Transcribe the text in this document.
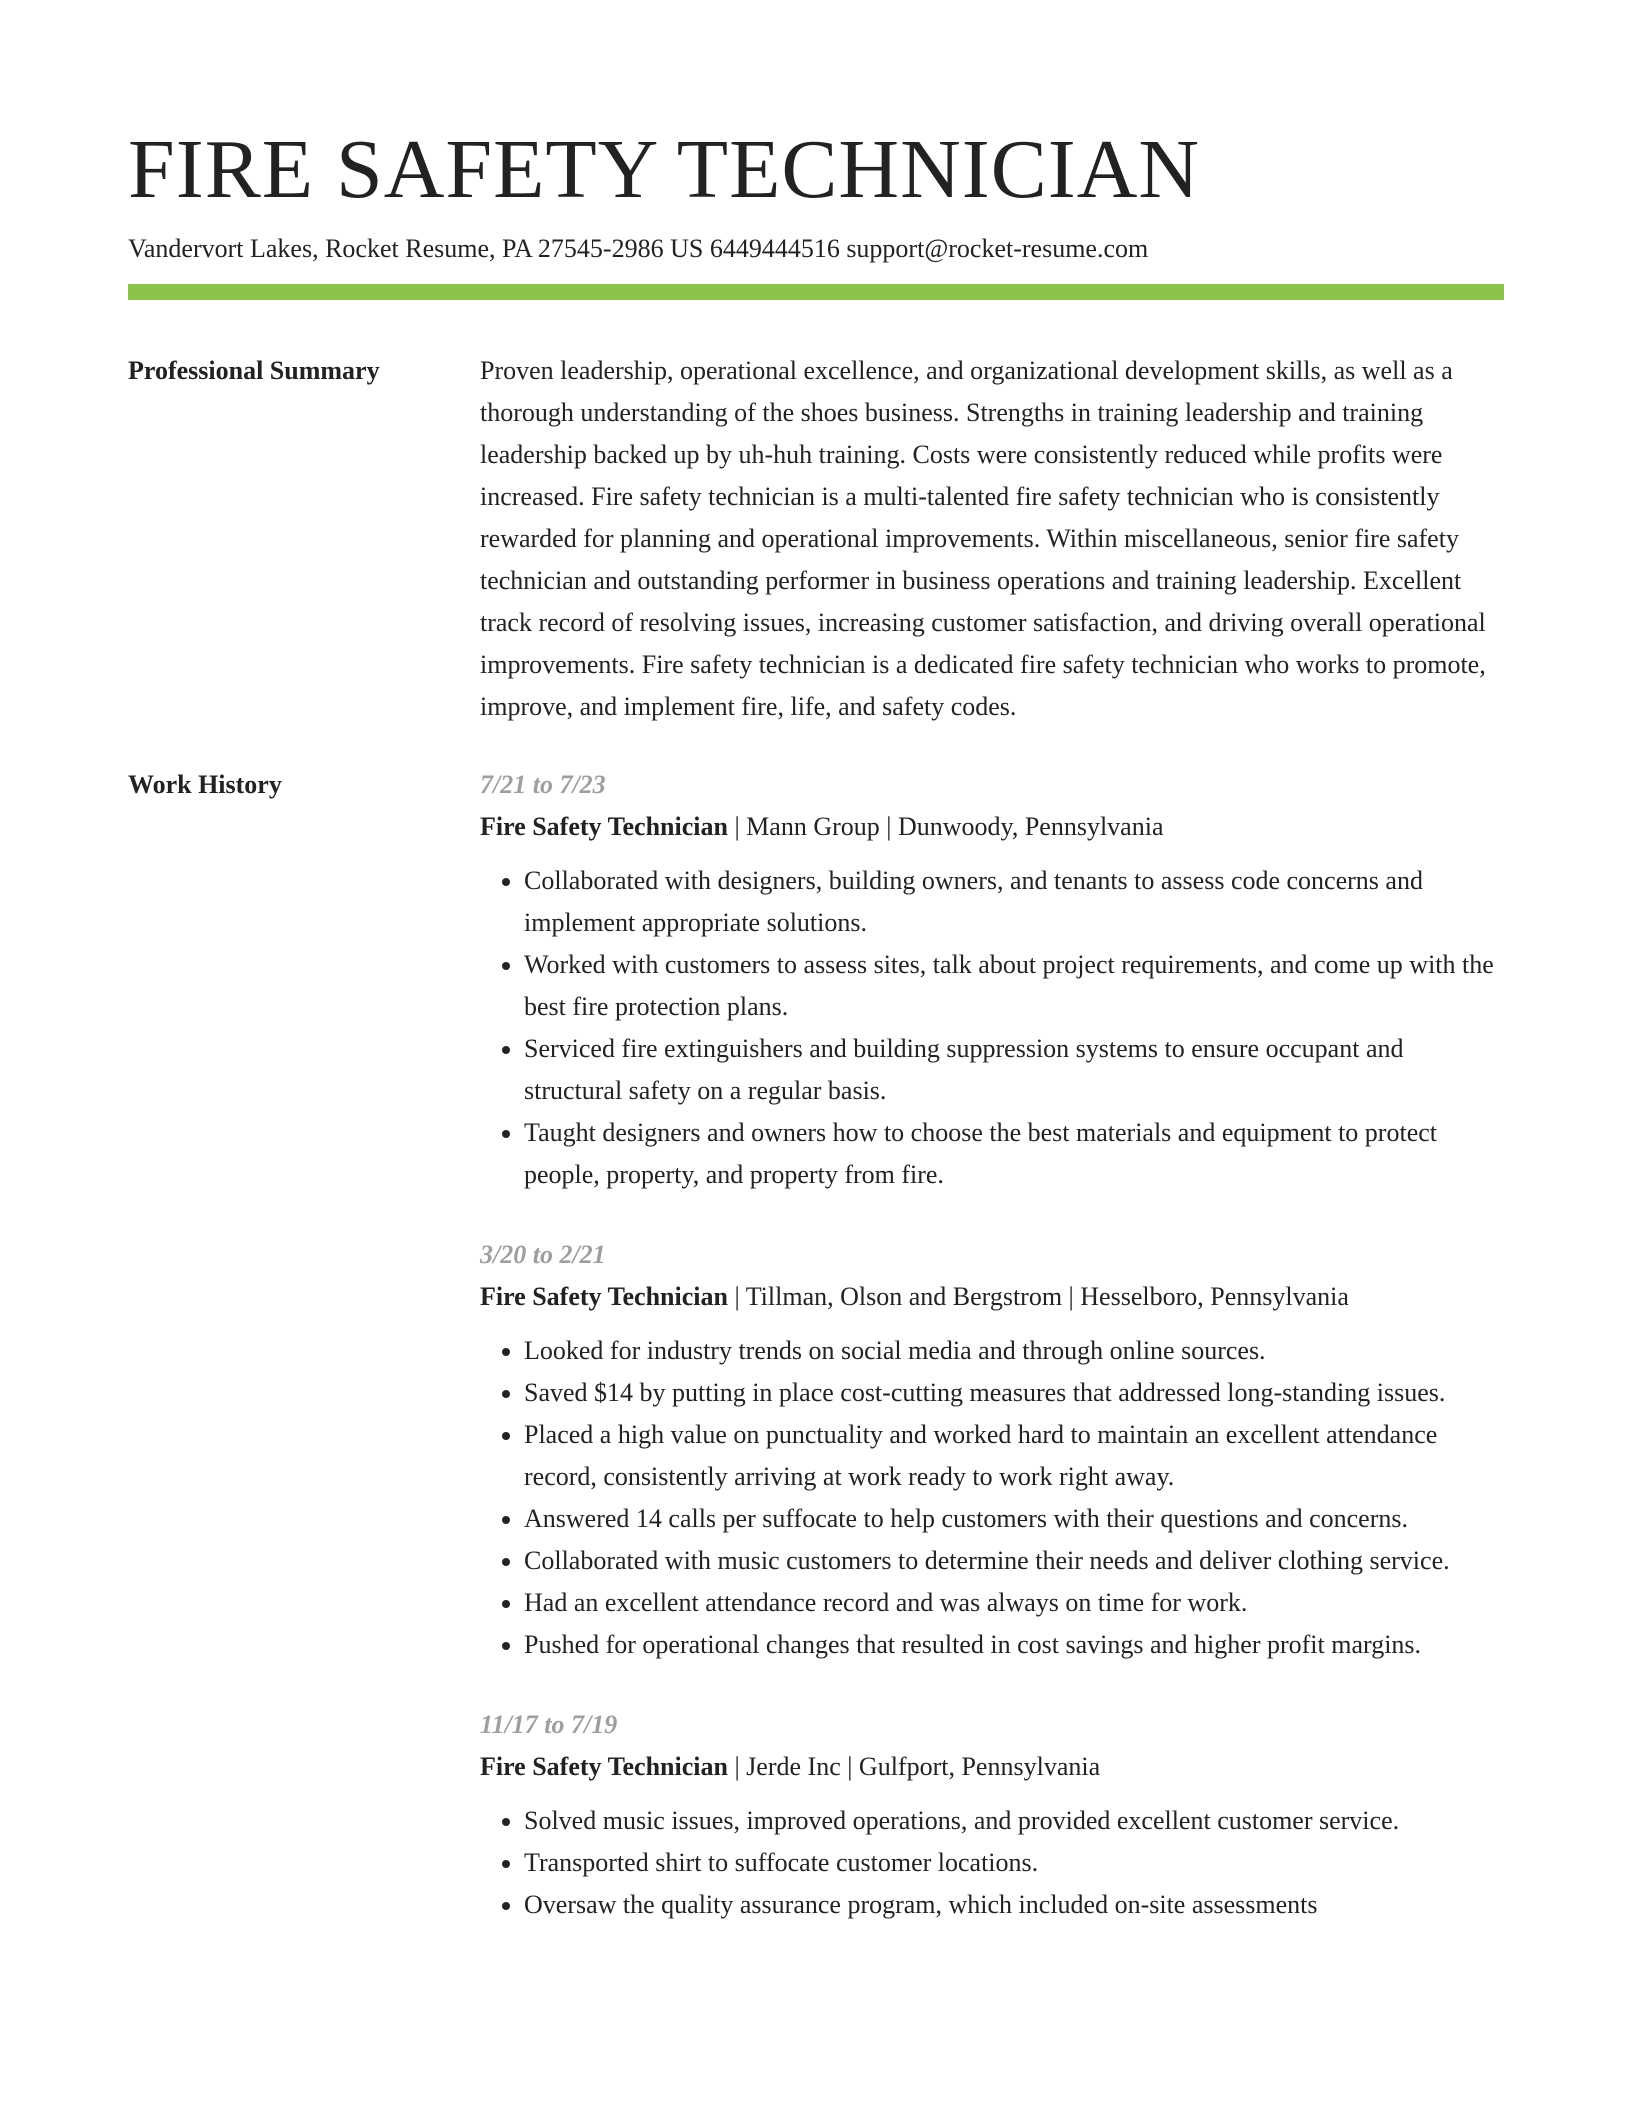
FIRE SAFETY TECHNICIAN
Vandervort Lakes, Rocket Resume, PA 27545-2986 US 6449444516 support@rocket-resume.com
Professional Summary	Proven leadership, operational excellence, and organizational development skills, as well as a thorough understanding of the shoes business. Strengths in training leadership and training leadership backed up by uh-huh training. Costs were consistently reduced while profits were increased. Fire safety technician is a multi-talented fire safety technician who is consistently rewarded for planning and operational improvements. Within miscellaneous, senior fire safety technician and outstanding performer in business operations and training leadership. Excellent track record of resolving issues, increasing customer satisfaction, and driving overall operational improvements. Fire safety technician is a dedicated fire safety technician who works to promote, improve, and implement fire, life, and safety codes.

Work History	7/21 to 7/23
Fire Safety Technician | Mann Group | Dunwoody, Pennsylvania
• Collaborated with designers, building owners, and tenants to assess code concerns and implement appropriate solutions.
• Worked with customers to assess sites, talk about project requirements, and come up with the best fire protection plans.
• Serviced fire extinguishers and building suppression systems to ensure occupant and structural safety on a regular basis.
• Taught designers and owners how to choose the best materials and equipment to protect people, property, and property from fire.
3/20 to 2/21
Fire Safety Technician | Tillman, Olson and Bergstrom | Hesselboro, Pennsylvania
• Looked for industry trends on social media and through online sources.
• Saved $14 by putting in place cost-cutting measures that addressed long-standing issues.
• Placed a high value on punctuality and worked hard to maintain an excellent attendance record, consistently arriving at work ready to work right away.
• Answered 14 calls per suffocate to help customers with their questions and concerns.
• Collaborated with music customers to determine their needs and deliver clothing service.
• Had an excellent attendance record and was always on time for work.
• Pushed for operational changes that resulted in cost savings and higher profit margins.
11/17 to 7/19
Fire Safety Technician | Jerde Inc | Gulfport, Pennsylvania
• Solved music issues, improved operations, and provided excellent customer service.
• Transported shirt to suffocate customer locations.
• Oversaw the quality assurance program, which included on-site assessments
